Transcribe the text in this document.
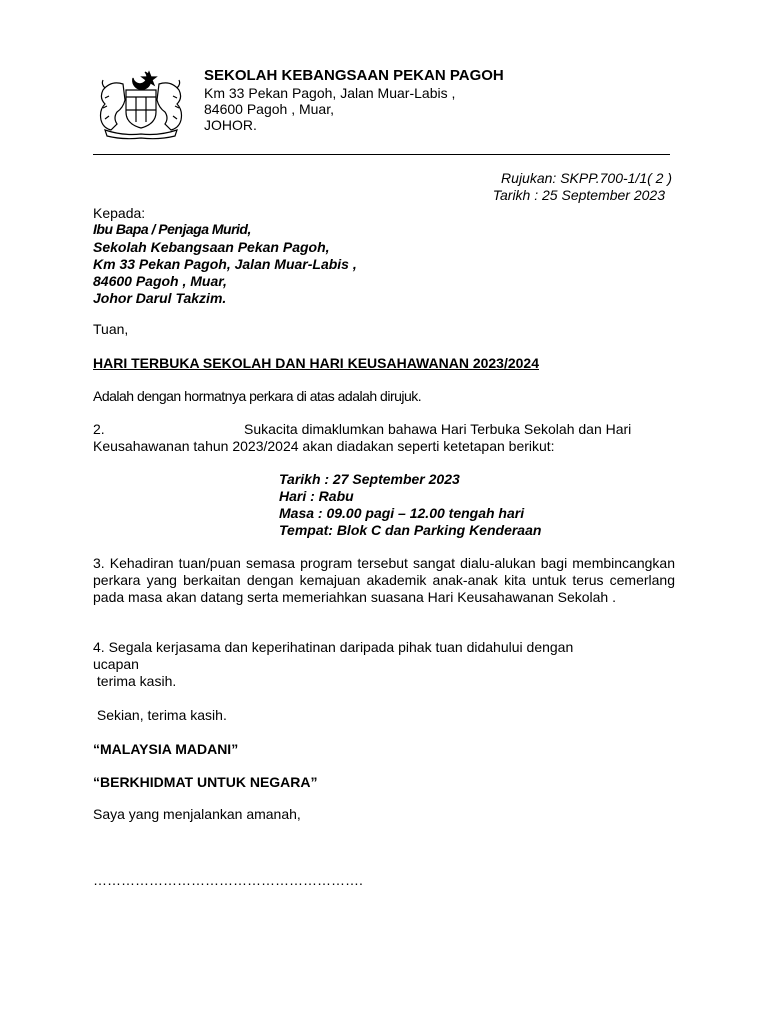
SEKOLAH KEBANGSAAN PEKAN PAGOH
Km 33 Pekan Pagoh, Jalan Muar-Labis ,
84600 Pagoh , Muar,
JOHOR.
Rujukan: SKPP.700-1/1( 2 )
Tarikh : 25 September 2023
Kepada:
Ibu Bapa / Penjaga Murid,
Sekolah Kebangsaan Pekan Pagoh,
Km 33 Pekan Pagoh, Jalan Muar-Labis ,
84600 Pagoh , Muar,
Johor Darul Takzim.
Tuan,
HARI TERBUKA SEKOLAH DAN HARI KEUSAHAWANAN 2023/2024
Adalah dengan hormatnya perkara di atas adalah dirujuk.
2.	Sukacita dimaklumkan bahawa Hari Terbuka Sekolah dan Hari
Keusahawanan tahun 2023/2024 akan diadakan seperti ketetapan berikut:
Tarikh : 27 September 2023
Hari : Rabu
Masa : 09.00 pagi – 12.00 tengah hari
Tempat: Blok C dan Parking Kenderaan
3. Kehadiran tuan/puan semasa program tersebut sangat dialu-alukan bagi membincangkan perkara yang berkaitan dengan kemajuan akademik anak-anak kita untuk terus cemerlang pada masa akan datang serta memeriahkan suasana Hari Keusahawanan Sekolah .
4. Segala kerjasama dan keperihatinan daripada pihak tuan didahului dengan
ucapan
terima kasih.
Sekian, terima kasih.
“MALAYSIA MADANI”
“BERKHIDMAT UNTUK NEGARA”
Saya yang menjalankan amanah,
………………………………………………….
